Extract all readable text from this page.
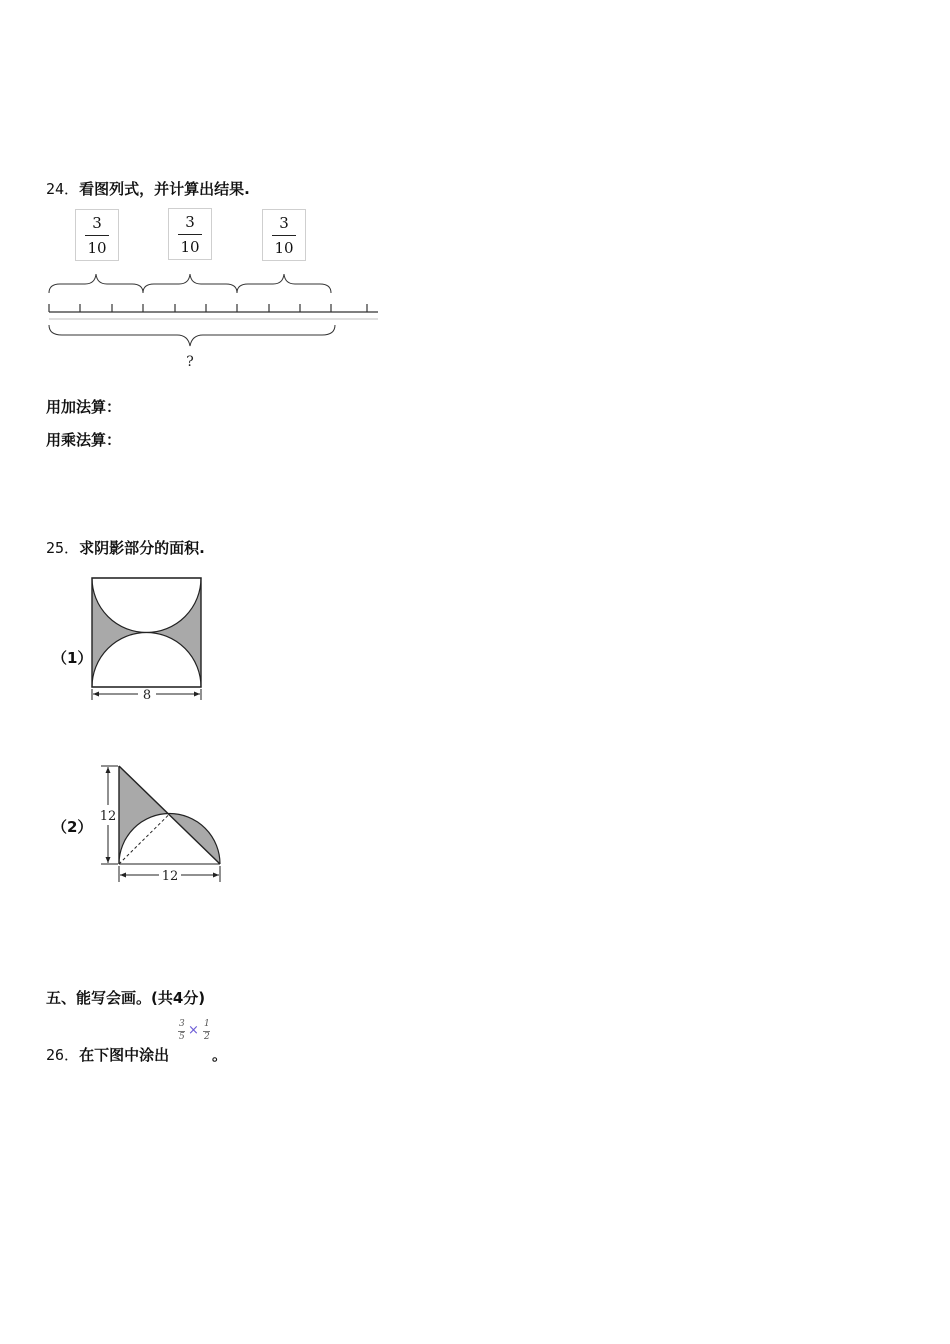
24．看图列式，并计算出结果.
3
10
3
10
3
10
?
用加法算：
用乘法算：
25．求阴影部分的面积.
（1）
8
（2）
12
12
五、能写会画。(共4分)
26．在下图中涂出
3
5 × 1
2
。
